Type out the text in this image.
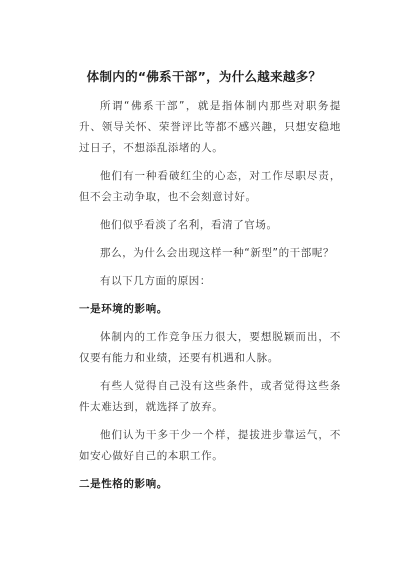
体制内的“佛系干部”，为什么越来越多？

所谓“佛系干部”，就是指体制内那些对职务提升、领导关怀、荣誉评比等都不感兴趣，只想安稳地过日子，不想添乱添堵的人。

他们有一种看破红尘的心态，对工作尽职尽责，但不会主动争取，也不会刻意讨好。

他们似乎看淡了名利，看清了官场。

那么，为什么会出现这样一种“新型”的干部呢？

有以下几方面的原因：

一是环境的影响。

体制内的工作竞争压力很大，要想脱颖而出，不仅要有能力和业绩，还要有机遇和人脉。

有些人觉得自己没有这些条件，或者觉得这些条件太难达到，就选择了放弃。

他们认为干多干少一个样，提拔进步靠运气，不如安心做好自己的本职工作。

二是性格的影响。
